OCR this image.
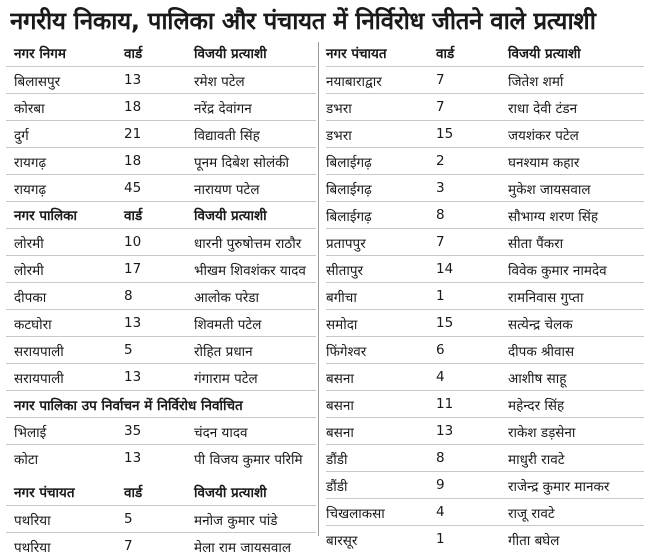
नगरीय निकाय, पालिका और पंचायत में निर्विरोध जीतने वाले प्रत्याशी
नगर निगम	वार्ड	विजयी प्रत्याशी
बिलासपुर	13	रमेश पटेल
कोरबा	18	नरेंद्र देवांगन
दुर्ग	21	विद्यावती सिंह
रायगढ़	18	पूनम दिबेश सोलंकी
रायगढ़	45	नारायण पटेल
नगर पालिका	वार्ड	विजयी प्रत्याशी
लोरमी	10	धारनी पुरुषोत्तम राठौर
लोरमी	17	भीखम शिवशंकर यादव
दीपका	8	आलोक परेडा
कटघोरा	13	शिवमती पटेल
सरायपाली	5	रोहित प्रधान
सरायपाली	13	गंगाराम पटेल
नगर पालिका उप निर्वाचन में निर्विरोध निर्वाचित
भिलाई	35	चंदन यादव
कोटा	13	पी विजय कुमार परिमि
नगर पंचायत	वार्ड	विजयी प्रत्याशी
पथरिया	5	मनोज कुमार पांडे
पथरिया	7	मेला राम जायसवाल
नगर पंचायत	वार्ड	विजयी प्रत्याशी
नयाबाराद्वार	7	जितेश शर्मा
डभरा	7	राधा देवी टंडन
डभरा	15	जयशंकर पटेल
बिलाईगढ़	2	घनश्याम कहार
बिलाईगढ़	3	मुकेश जायसवाल
बिलाईगढ़	8	सौभाग्य शरण सिंह
प्रतापपुर	7	सीता पैंकरा
सीतापुर	14	विवेक कुमार नामदेव
बगीचा	1	रामनिवास गुप्ता
समोदा	15	सत्येन्द्र चेलक
फिंगेश्वर	6	दीपक श्रीवास
बसना	4	आशीष साहू
बसना	11	महेन्दर सिंह
बसना	13	राकेश डड़सेना
डौंडी	8	माधुरी रावटे
डौंडी	9	राजेन्द्र कुमार मानकर
चिखलाकसा	4	राजू रावटे
बारसूर	1	गीता बघेल
